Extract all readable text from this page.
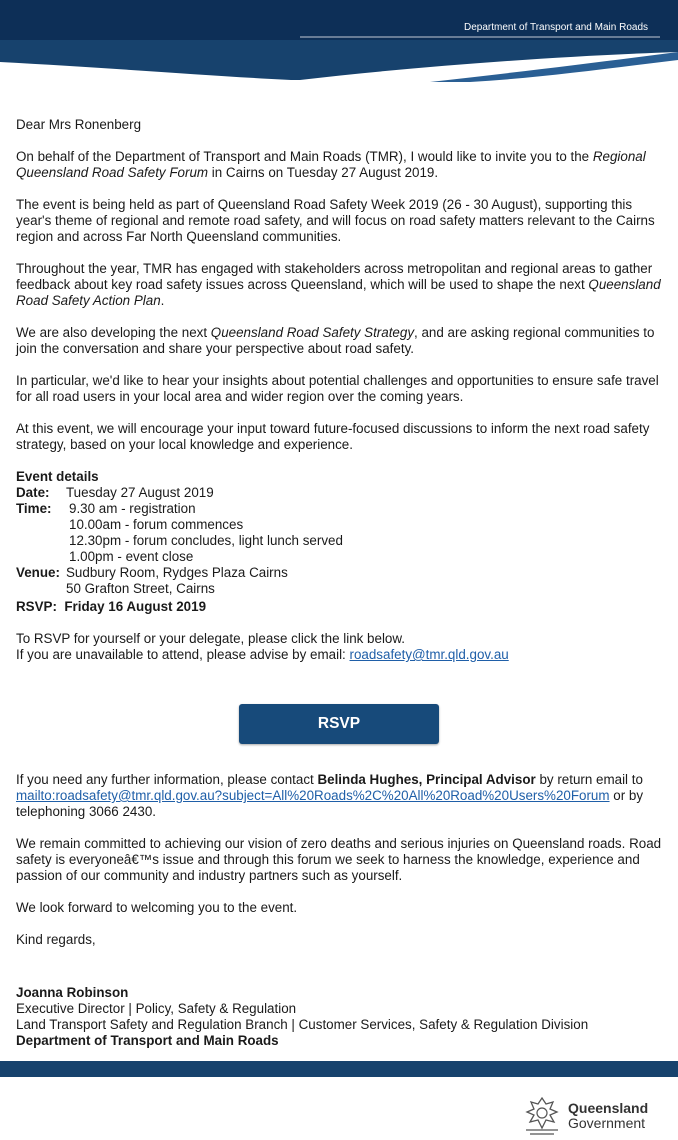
Department of Transport and Main Roads

Dear Mrs Ronenberg

On behalf of the Department of Transport and Main Roads (TMR), I would like to invite you to the Regional Queensland Road Safety Forum in Cairns on Tuesday 27 August 2019.

The event is being held as part of Queensland Road Safety Week 2019 (26 - 30 August), supporting this year's theme of regional and remote road safety, and will focus on road safety matters relevant to the Cairns region and across Far North Queensland communities.

Throughout the year, TMR has engaged with stakeholders across metropolitan and regional areas to gather feedback about key road safety issues across Queensland, which will be used to shape the next Queensland Road Safety Action Plan.

We are also developing the next Queensland Road Safety Strategy, and are asking regional communities to join the conversation and share your perspective about road safety.

In particular, we'd like to hear your insights about potential challenges and opportunities to ensure safe travel for all road users in your local area and wider region over the coming years.

At this event, we will encourage your input toward future-focused discussions to inform the next road safety strategy, based on your local knowledge and experience.

Event details
Date:	Tuesday 27 August 2019
Time:	9.30 am - registration
10.00am - forum commences
12.30pm - forum concludes, light lunch served
1.00pm - event close
Venue: Sudbury Room, Rydges Plaza Cairns
50 Grafton Street, Cairns
RSVP:  Friday 16 August 2019
To RSVP for yourself or your delegate, please click the link below.
If you are unavailable to attend, please advise by email: roadsafety@tmr.qld.gov.au
RSVP

If you need any further information, please contact Belinda Hughes, Principal Advisor by return email to mailto:roadsafety@tmr.qld.gov.au?subject=All%20Roads%2C%20All%20Road%20Users%20Forum or by telephoning 3066 2430.

We remain committed to achieving our vision of zero deaths and serious injuries on Queensland roads. Road safety is everyoneâ€™s issue and through this forum we seek to harness the knowledge, experience and passion of our community and industry partners such as yourself.

We look forward to welcoming you to the event.

Kind regards,

Joanna Robinson
Executive Director | Policy, Safety & Regulation
Land Transport Safety and Regulation Branch | Customer Services, Safety & Regulation Division
Department of Transport and Main Roads
Queensland
Government
